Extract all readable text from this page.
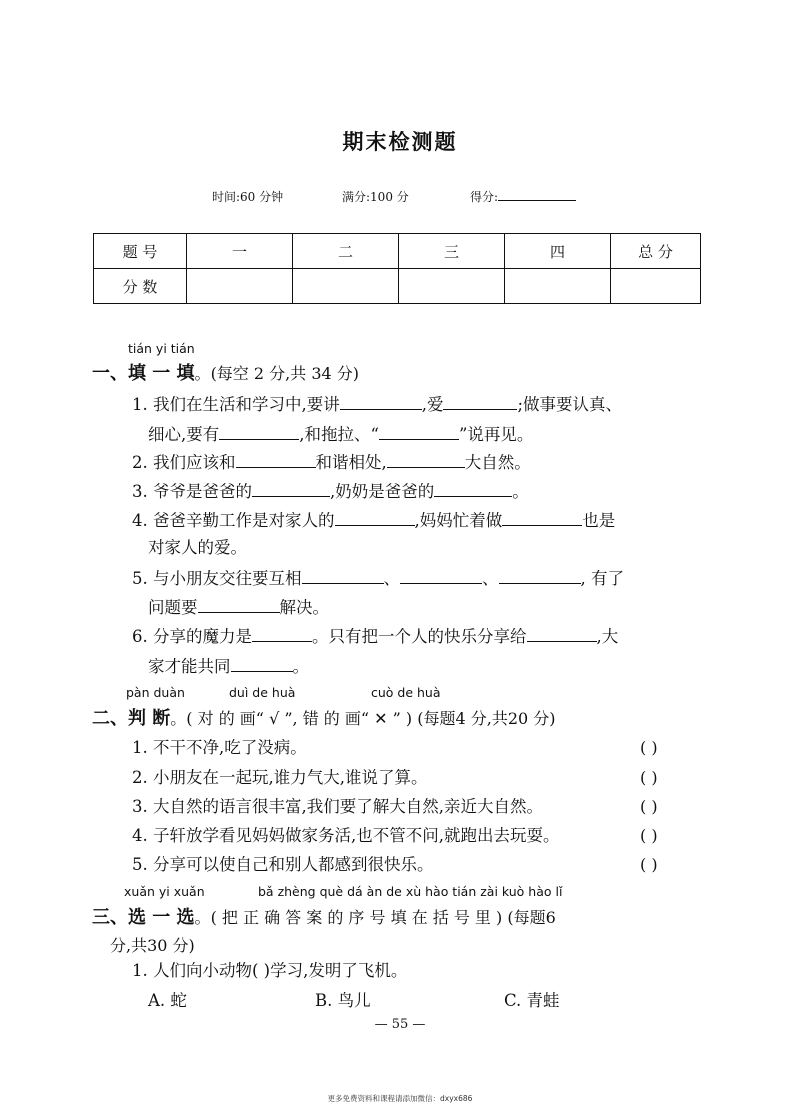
期末检测题
时间:60 分钟	满分:100 分	得分:
题 号	一	二	三	四	总 分
分 数					
tián yi tián
一、填 一 填。(每空 2 分,共 34 分)
1. 我们在生活和学习中,要讲	,爱	;做事要认真、
细心,要有	,和拖拉、“	”说再见。
2. 我们应该和	和谐相处,	大自然。
3. 爷爷是爸爸的	,奶奶是爸爸的	。
4. 爸爸辛勤工作是对家人的	,妈妈忙着做	也是
对家人的爱。
5. 与小朋友交往要互相	、	、	, 有了
问题要	解决。
6. 分享的魔力是	。只有把一个人的快乐分享给	,大
家才能共同	。
pàn duàn	duì de huà	cuò de huà
二、判 断。( 对 的 画“ √ ”, 错 的 画“ ✕ ” ) (每题4 分,共20 分)
1. 不干不净,吃了没病。	( )
2. 小朋友在一起玩,谁力气大,谁说了算。	( )
3. 大自然的语言很丰富,我们要了解大自然,亲近大自然。	( )
4. 子轩放学看见妈妈做家务活,也不管不问,就跑出去玩耍。	( )
5. 分享可以使自己和别人都感到很快乐。	( )
xuǎn yi xuǎn	bǎ zhèng què dá àn de xù hào tián zài kuò hào lǐ
三、选 一 选。( 把 正 确 答 案 的 序 号 填 在 括 号 里 ) (每题6
分,共30 分)
1. 人们向小动物( )学习,发明了飞机。
A. 蛇	B. 鸟儿	C. 青蛙
— 55 —
更多免费资料和课程请添加微信：dxyx686
